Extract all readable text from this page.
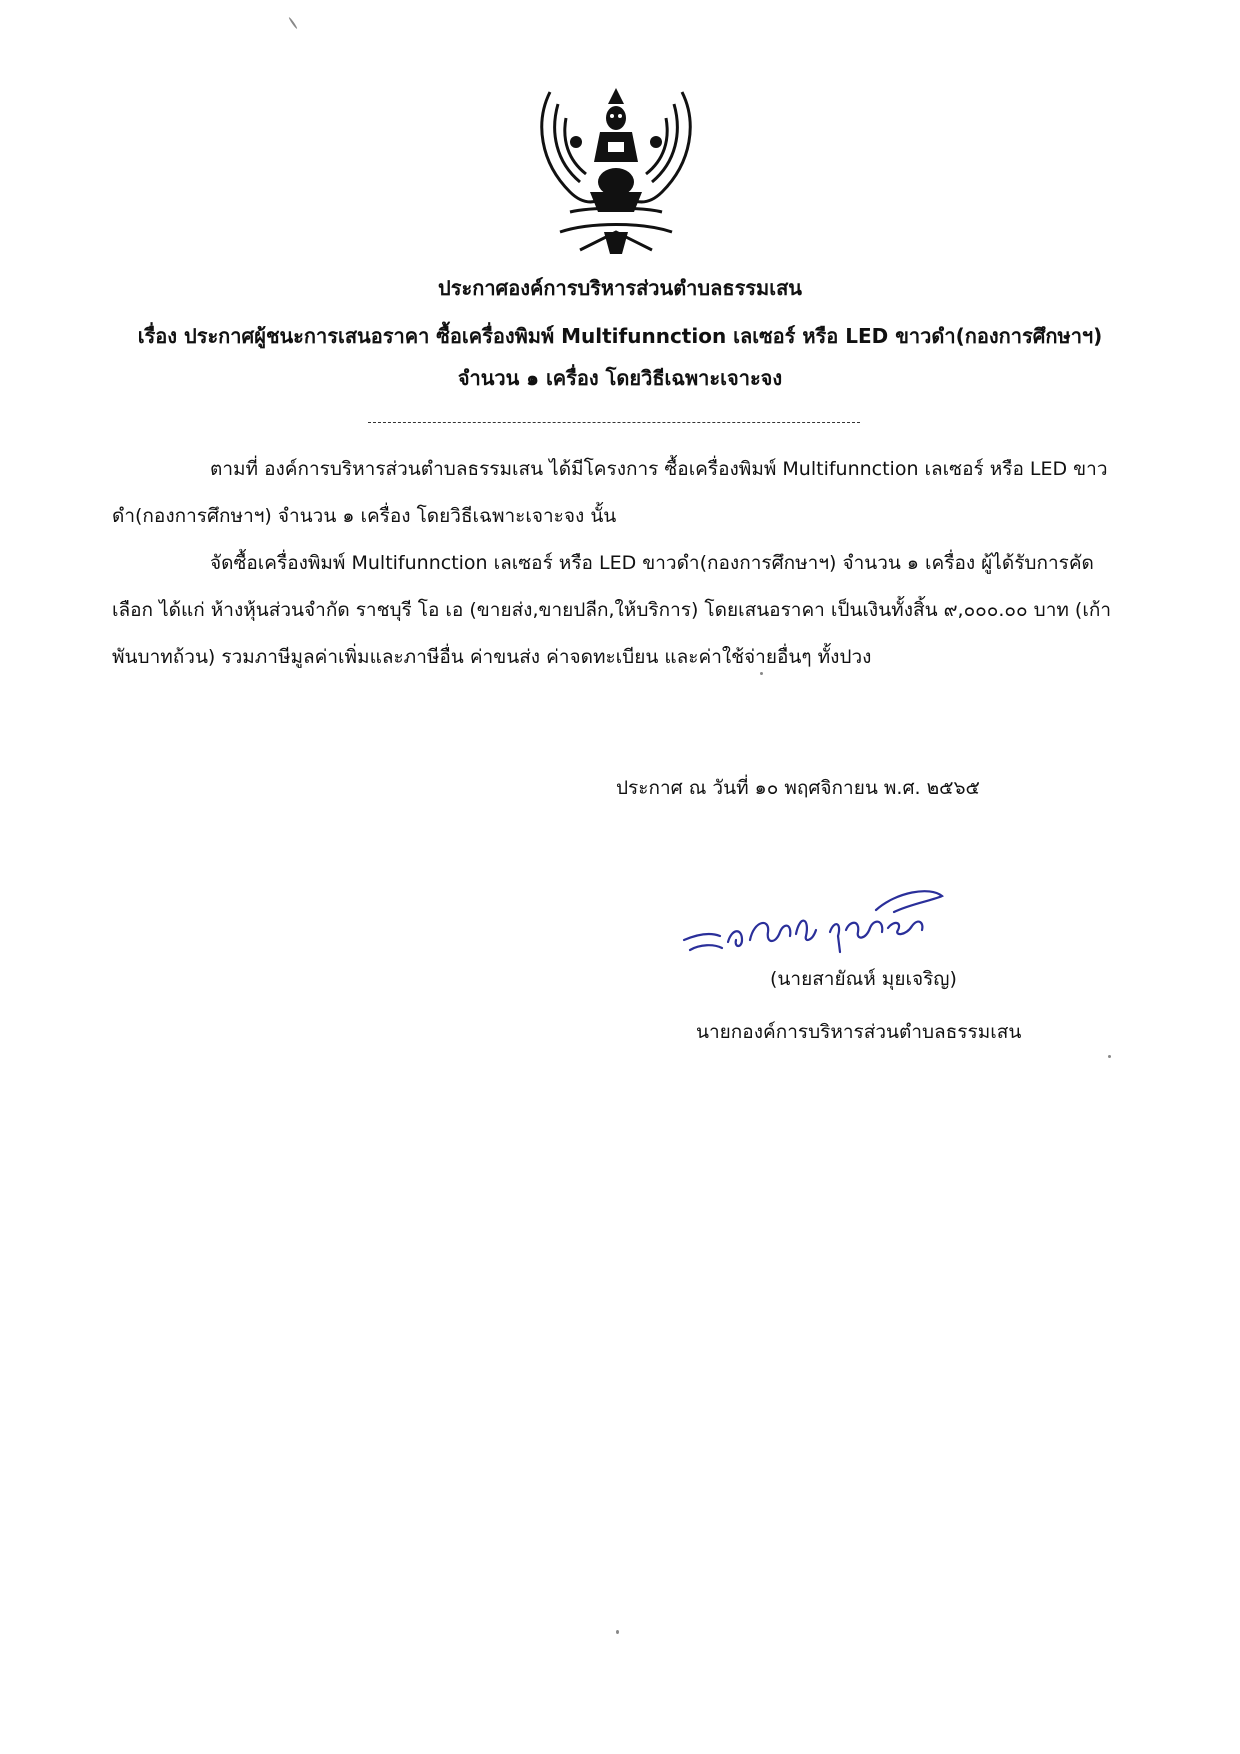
ประกาศองค์การบริหารส่วนตำบลธรรมเสน
เรื่อง ประกาศผู้ชนะการเสนอราคา ซื้อเครื่องพิมพ์ Multifunnction เลเซอร์ หรือ LED ขาวดำ(กองการศึกษาฯ)
จำนวน ๑ เครื่อง โดยวิธีเฉพาะเจาะจง
ตามที่ องค์การบริหารส่วนตำบลธรรมเสน ได้มีโครงการ ซื้อเครื่องพิมพ์ Multifunnction เลเซอร์ หรือ LED ขาวดำ(กองการศึกษาฯ) จำนวน ๑ เครื่อง โดยวิธีเฉพาะเจาะจง นั้น
จัดซื้อเครื่องพิมพ์ Multifunnction เลเซอร์ หรือ LED ขาวดำ(กองการศึกษาฯ) จำนวน ๑ เครื่อง ผู้ได้รับการคัดเลือก ได้แก่ ห้างหุ้นส่วนจำกัด ราชบุรี โอ เอ (ขายส่ง,ขายปลีก,ให้บริการ) โดยเสนอราคา เป็นเงินทั้งสิ้น ๙,๐๐๐.๐๐ บาท (เก้าพันบาทถ้วน) รวมภาษีมูลค่าเพิ่มและภาษีอื่น ค่าขนส่ง ค่าจดทะเบียน และค่าใช้จ่ายอื่นๆ ทั้งปวง
ประกาศ ณ วันที่ ๑๐ พฤศจิกายน พ.ศ. ๒๕๖๕
(นายสายัณห์ มุยเจริญ)
นายกองค์การบริหารส่วนตำบลธรรมเสน
